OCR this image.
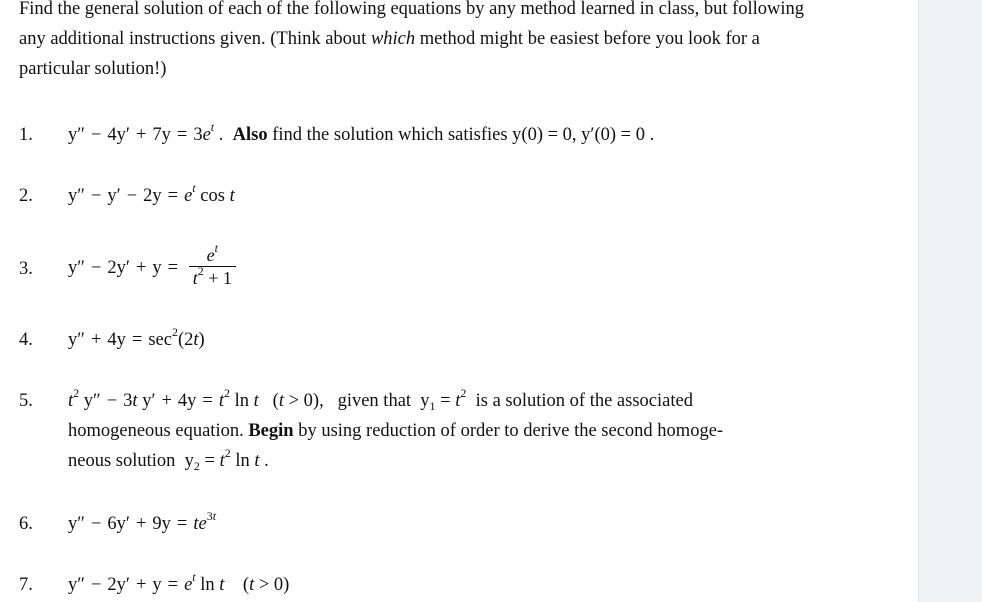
Find the general solution of each of the following equations by any method learned in class, but following any additional instructions given. (Think about which method might be easiest before you look for a particular solution!)
1. $y'' - 4y' + 7y = 3e^t$ .  Also find the solution which satisfies y(0) = 0, y′(0) = 0 .
2. $y'' - y' - 2y = e^t$ cos t
3. $y'' - 2y' + y = \frac{e^t}{t^2 + 1}$
4. $y'' + 4y = \sec^2(2t)$
5. $t^2$ y″ − 3t $y' + 4y = t^2$ ln t   (t > 0),   given that  $y_1 = t^2$ is a solution of the associated
homogeneous equation. Begin by using reduction of order to derive the second homoge-
neous solution  $y_2 = t^2$ ln t .
6. $y'' - 6y' + 9y = te^{3t}$
7. $y'' - 2y' + y = e^t$ ln t    (t > 0)
